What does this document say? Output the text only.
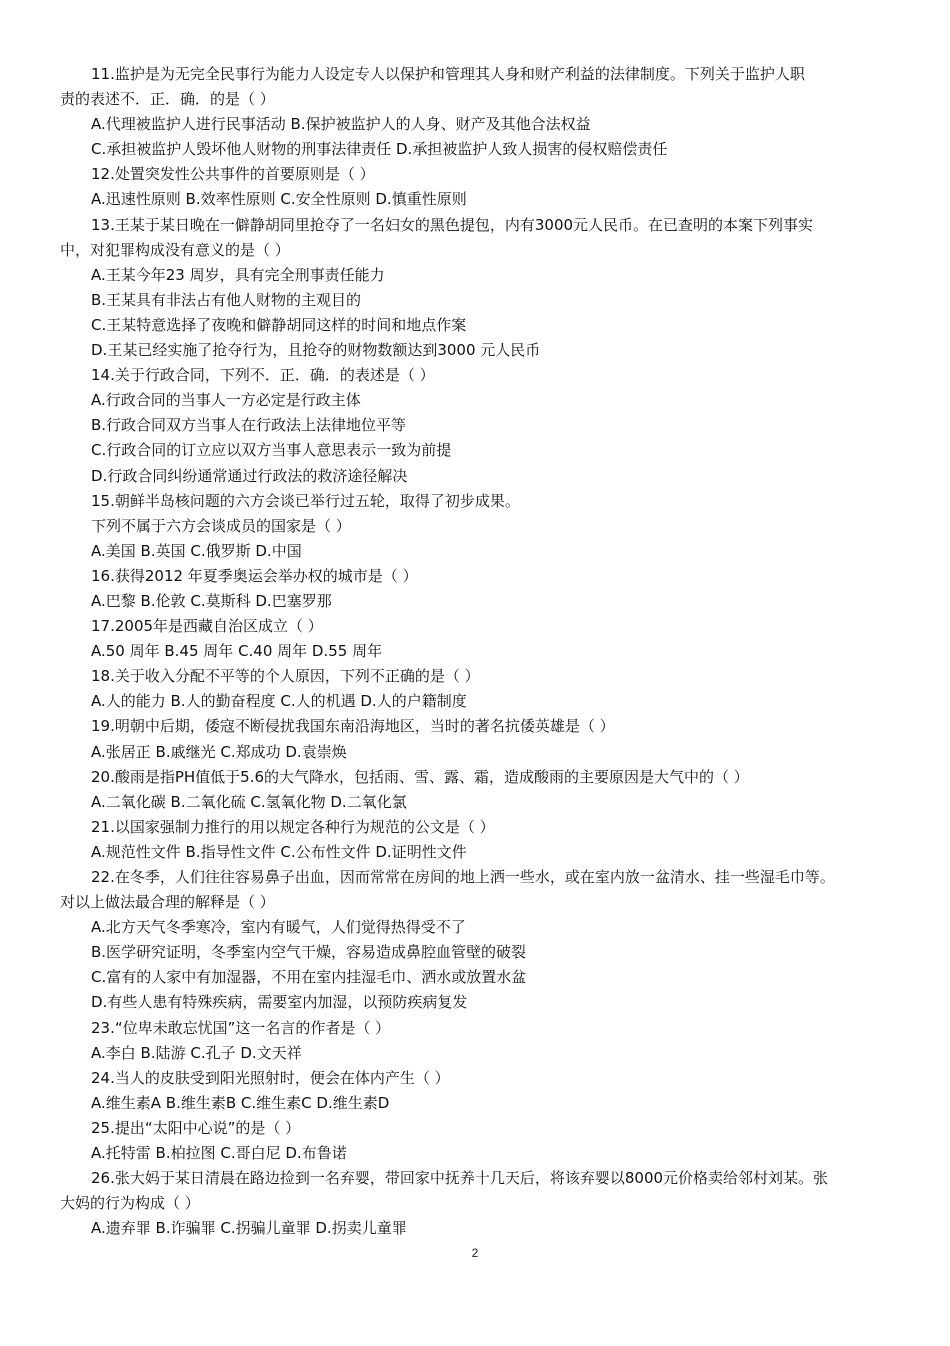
11.监护是为无完全民事行为能力人设定专人以保护和管理其人身和财产利益的法律制度。下列关于监护人职
责的表述不．正．确．的是（ ）
A.代理被监护人进行民事活动 B.保护被监护人的人身、财产及其他合法权益
C.承担被监护人毁坏他人财物的刑事法律责任 D.承担被监护人致人损害的侵权赔偿责任
12.处置突发性公共事件的首要原则是（ ）
A.迅速性原则 B.效率性原则 C.安全性原则 D.慎重性原则
13.王某于某日晚在一僻静胡同里抢夺了一名妇女的黑色提包，内有3000元人民币。在已查明的本案下列事实
中，对犯罪构成没有意义的是（ ）
A.王某今年23 周岁，具有完全刑事责任能力
B.王某具有非法占有他人财物的主观目的
C.王某特意选择了夜晚和僻静胡同这样的时间和地点作案
D.王某已经实施了抢夺行为，且抢夺的财物数额达到3000 元人民币
14.关于行政合同，下列不．正．确．的表述是（ ）
A.行政合同的当事人一方必定是行政主体
B.行政合同双方当事人在行政法上法律地位平等
C.行政合同的订立应以双方当事人意思表示一致为前提
D.行政合同纠纷通常通过行政法的救济途径解决
15.朝鲜半岛核问题的六方会谈已举行过五轮，取得了初步成果。
下列不属于六方会谈成员的国家是（ ）
A.美国 B.英国 C.俄罗斯 D.中国
16.获得2012 年夏季奥运会举办权的城市是（ ）
A.巴黎 B.伦敦 C.莫斯科 D.巴塞罗那
17.2005年是西藏自治区成立（ ）
A.50 周年 B.45 周年 C.40 周年 D.55 周年
18.关于收入分配不平等的个人原因，下列不正确的是（ ）
A.人的能力 B.人的勤奋程度 C.人的机遇 D.人的户籍制度
19.明朝中后期，倭寇不断侵扰我国东南沿海地区，当时的著名抗倭英雄是（ ）
A.张居正 B.戚继光 C.郑成功 D.袁崇焕
20.酸雨是指PH值低于5.6的大气降水，包括雨、雪、露、霜，造成酸雨的主要原因是大气中的（ ）
A.二氧化碳 B.二氧化硫 C.氢氧化物 D.二氧化氯
21.以国家强制力推行的用以规定各种行为规范的公文是（ ）
A.规范性文件 B.指导性文件 C.公布性文件 D.证明性文件
22.在冬季，人们往往容易鼻子出血，因而常常在房间的地上洒一些水，或在室内放一盆清水、挂一些湿毛巾等。
对以上做法最合理的解释是（ ）
A.北方天气冬季寒冷，室内有暖气，人们觉得热得受不了
B.医学研究证明，冬季室内空气干燥，容易造成鼻腔血管壁的破裂
C.富有的人家中有加湿器，不用在室内挂湿毛巾、洒水或放置水盆
D.有些人患有特殊疾病，需要室内加湿，以预防疾病复发
23.“位卑未敢忘忧国”这一名言的作者是（ ）
A.李白 B.陆游 C.孔子 D.文天祥
24.当人的皮肤受到阳光照射时，便会在体内产生（ ）
A.维生素A B.维生素B C.维生素C D.维生素D
25.提出“太阳中心说”的是（ ）
A.托特雷 B.柏拉图 C.哥白尼 D.布鲁诺
26.张大妈于某日清晨在路边捡到一名弃婴，带回家中抚养十几天后，将该弃婴以8000元价格卖给邻村刘某。张
大妈的行为构成（ ）
A.遗弃罪 B.诈骗罪 C.拐骗儿童罪 D.拐卖儿童罪
2
